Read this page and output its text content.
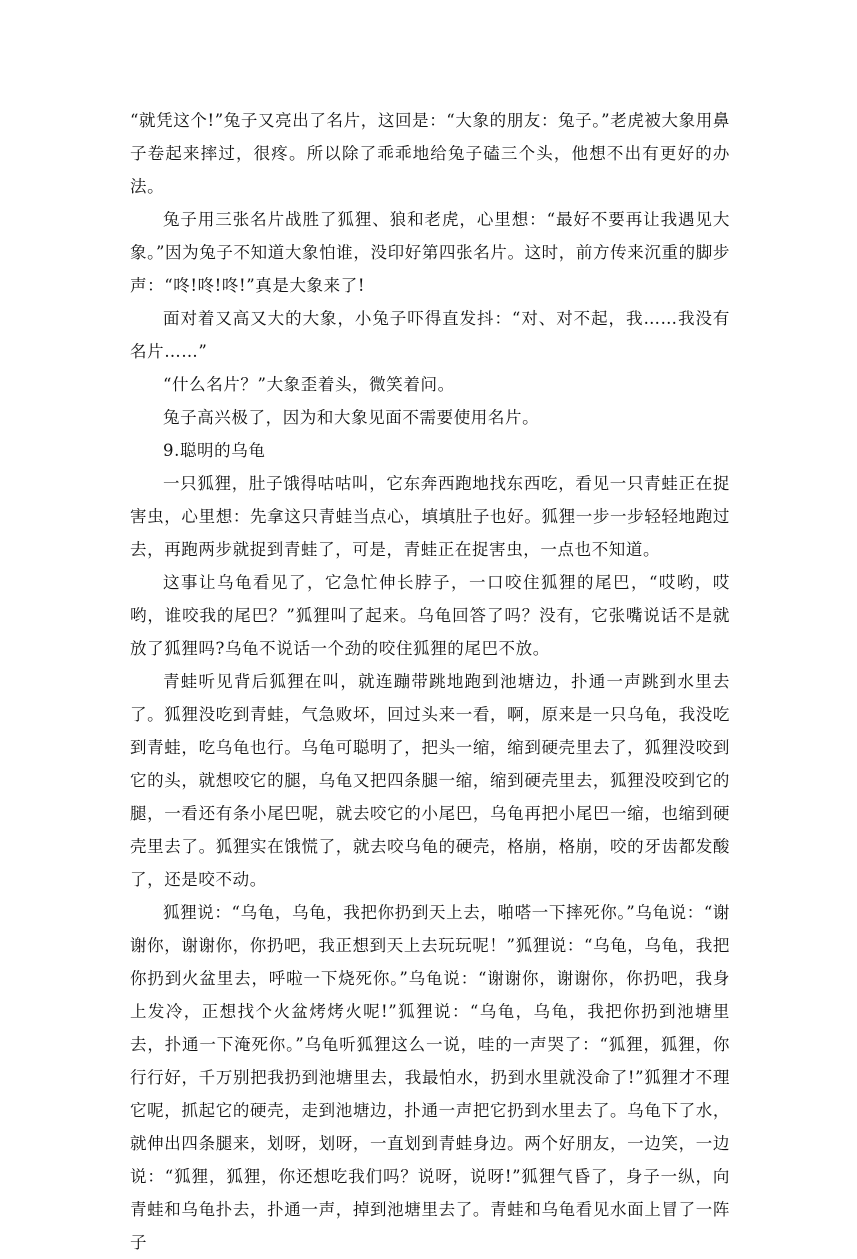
“就凭这个!”兔子又亮出了名片，这回是：“大象的朋友：兔子。”老虎被大象用鼻子卷起来摔过，很疼。所以除了乖乖地给兔子磕三个头，他想不出有更好的办法。

兔子用三张名片战胜了狐狸、狼和老虎，心里想：“最好不要再让我遇见大象。”因为兔子不知道大象怕谁，没印好第四张名片。这时，前方传来沉重的脚步声：“咚!咚!咚!”真是大象来了!

面对着又高又大的大象，小兔子吓得直发抖：“对、对不起，我……我没有名片……”

“什么名片？”大象歪着头，微笑着问。

兔子高兴极了，因为和大象见面不需要使用名片。

9.聪明的乌龟

一只狐狸，肚子饿得咕咕叫，它东奔西跑地找东西吃，看见一只青蛙正在捉害虫，心里想：先拿这只青蛙当点心，填填肚子也好。狐狸一步一步轻轻地跑过去，再跑两步就捉到青蛙了，可是，青蛙正在捉害虫，一点也不知道。

这事让乌龟看见了，它急忙伸长脖子，一口咬住狐狸的尾巴，“哎哟，哎哟，谁咬我的尾巴？”狐狸叫了起来。乌龟回答了吗？没有，它张嘴说话不是就放了狐狸吗?乌龟不说话一个劲的咬住狐狸的尾巴不放。

青蛙听见背后狐狸在叫，就连蹦带跳地跑到池塘边，扑通一声跳到水里去了。狐狸没吃到青蛙，气急败坏，回过头来一看，啊，原来是一只乌龟，我没吃到青蛙，吃乌龟也行。乌龟可聪明了，把头一缩，缩到硬壳里去了，狐狸没咬到它的头，就想咬它的腿，乌龟又把四条腿一缩，缩到硬壳里去，狐狸没咬到它的腿，一看还有条小尾巴呢，就去咬它的小尾巴，乌龟再把小尾巴一缩，也缩到硬壳里去了。狐狸实在饿慌了，就去咬乌龟的硬壳，格崩，格崩，咬的牙齿都发酸了，还是咬不动。

狐狸说：“乌龟，乌龟，我把你扔到天上去，啪嗒一下摔死你。”乌龟说：“谢谢你，谢谢你，你扔吧，我正想到天上去玩玩呢！”狐狸说：“乌龟，乌龟，我把你扔到火盆里去，呼啦一下烧死你。”乌龟说：“谢谢你，谢谢你，你扔吧，我身上发冷，正想找个火盆烤烤火呢!”狐狸说：“乌龟，乌龟，我把你扔到池塘里去，扑通一下淹死你。”乌龟听狐狸这么一说，哇的一声哭了：“狐狸，狐狸，你行行好，千万别把我扔到池塘里去，我最怕水，扔到水里就没命了!”狐狸才不理它呢，抓起它的硬壳，走到池塘边，扑通一声把它扔到水里去了。乌龟下了水，就伸出四条腿来，划呀，划呀，一直划到青蛙身边。两个好朋友，一边笑，一边说：“狐狸，狐狸，你还想吃我们吗？说呀，说呀!”狐狸气昏了，身子一纵，向青蛙和乌龟扑去，扑通一声，掉到池塘里去了。青蛙和乌龟看见水面上冒了一阵子
